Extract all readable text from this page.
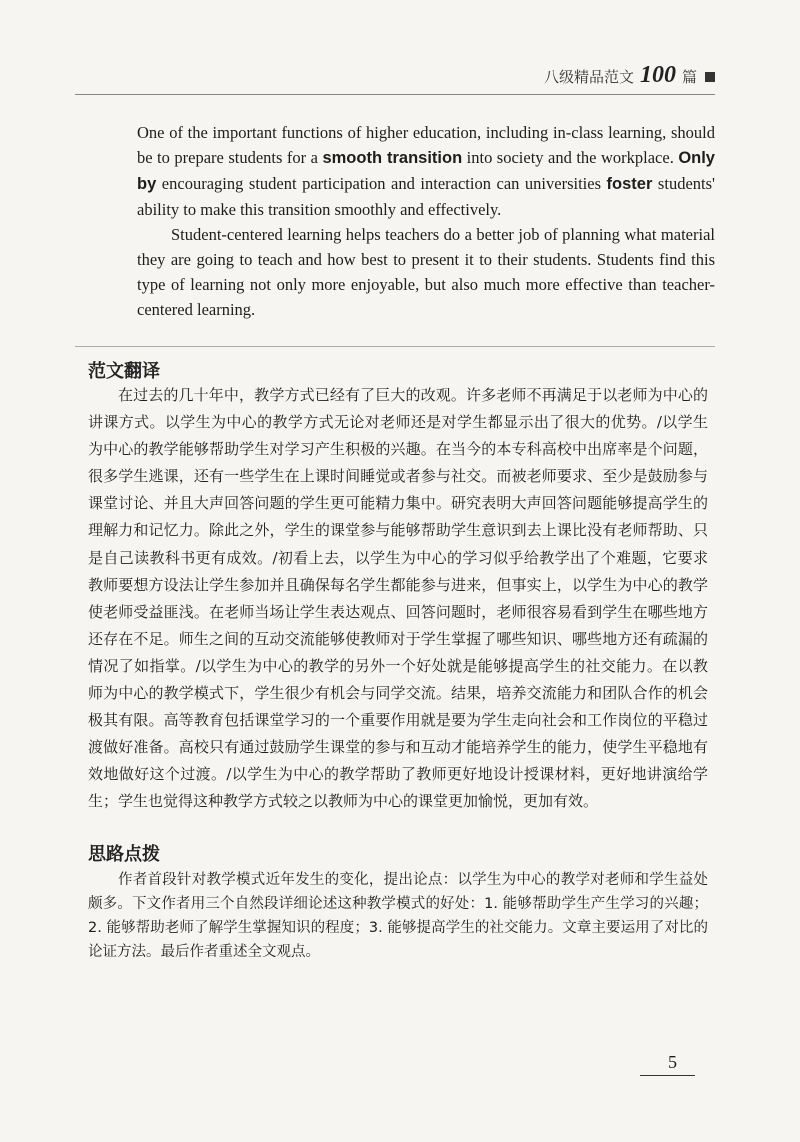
八级精品范文 100 篇

One of the important functions of higher education, including in-class learning, should be to prepare students for a smooth transition into society and the workplace. Only by encouraging student participation and interaction can universities foster students' ability to make this transition smoothly and effectively.

Student-centered learning helps teachers do a better job of planning what material they are going to teach and how best to present it to their students. Students find this type of learning not only more enjoyable, but also much more effective than teacher-centered learning.

范文翻译

在过去的几十年中，教学方式已经有了巨大的改观。许多老师不再满足于以老师为中心的讲课方式。以学生为中心的教学方式无论对老师还是对学生都显示出了很大的优势。/以学生为中心的教学能够帮助学生对学习产生积极的兴趣。在当今的本专科高校中出席率是个问题，很多学生逃课，还有一些学生在上课时间睡觉或者参与社交。而被老师要求、至少是鼓励参与课堂讨论、并且大声回答问题的学生更可能精力集中。研究表明大声回答问题能够提高学生的理解力和记忆力。除此之外，学生的课堂参与能够帮助学生意识到去上课比没有老师帮助、只是自己读教科书更有成效。/初看上去，以学生为中心的学习似乎给教学出了个难题，它要求教师要想方设法让学生参加并且确保每名学生都能参与进来，但事实上，以学生为中心的教学使老师受益匪浅。在老师当场让学生表达观点、回答问题时，老师很容易看到学生在哪些地方还存在不足。师生之间的互动交流能够使教师对于学生掌握了哪些知识、哪些地方还有疏漏的情况了如指掌。/以学生为中心的教学的另外一个好处就是能够提高学生的社交能力。在以教师为中心的教学模式下，学生很少有机会与同学交流。结果，培养交流能力和团队合作的机会极其有限。高等教育包括课堂学习的一个重要作用就是要为学生走向社会和工作岗位的平稳过渡做好准备。高校只有通过鼓励学生课堂的参与和互动才能培养学生的能力，使学生平稳地有效地做好这个过渡。/以学生为中心的教学帮助了教师更好地设计授课材料，更好地讲演给学生；学生也觉得这种教学方式较之以教师为中心的课堂更加愉悦，更加有效。

思路点拨

作者首段针对教学模式近年发生的变化，提出论点：以学生为中心的教学对老师和学生益处颇多。下文作者用三个自然段详细论述这种教学模式的好处：1. 能够帮助学生产生学习的兴趣；2. 能够帮助老师了解学生掌握知识的程度；3. 能够提高学生的社交能力。文章主要运用了对比的论证方法。最后作者重述全文观点。

5
